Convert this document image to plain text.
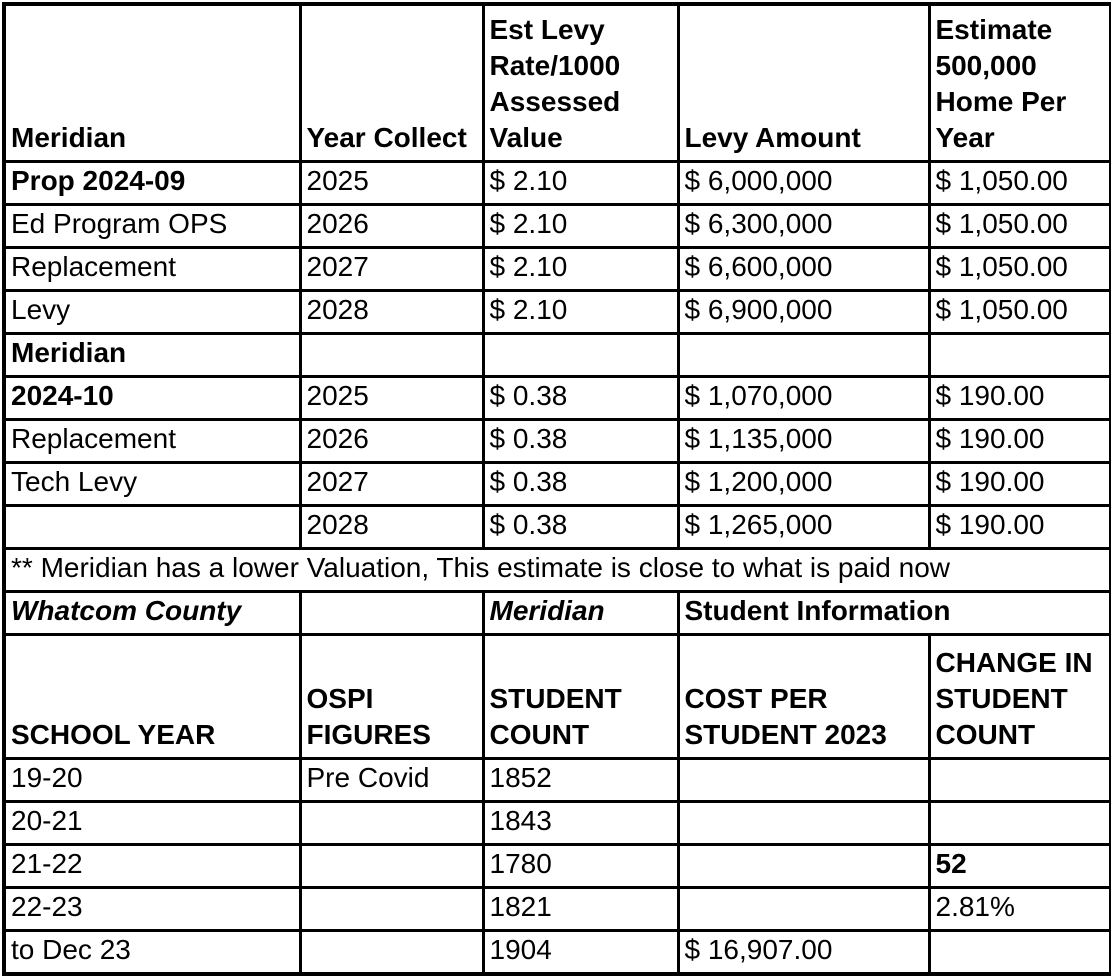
Meridian	Year Collect	Est Levy Rate/1000 Assessed Value	Levy Amount	Estimate 500,000 Home Per Year
Prop 2024-09	2025	$ 2.10	$ 6,000,000	$ 1,050.00
Ed Program OPS	2026	$ 2.10	$ 6,300,000	$ 1,050.00
Replacement	2027	$ 2.10	$ 6,600,000	$ 1,050.00
Levy	2028	$ 2.10	$ 6,900,000	$ 1,050.00
Meridian				
2024-10	2025	$ 0.38	$ 1,070,000	$ 190.00
Replacement	2026	$ 0.38	$ 1,135,000	$ 190.00
Tech Levy	2027	$ 0.38	$ 1,200,000	$ 190.00
	2028	$ 0.38	$ 1,265,000	$ 190.00
** Meridian has a lower Valuation, This estimate is close to what is paid now				
Whatcom County		Meridian	Student Information	
SCHOOL YEAR	OSPI FIGURES	STUDENT COUNT	COST PER STUDENT 2023	CHANGE IN STUDENT COUNT
19-20	Pre Covid	1852		
20-21		1843		
21-22		1780		52
22-23		1821		2.81%
to Dec 23		1904	$ 16,907.00	
